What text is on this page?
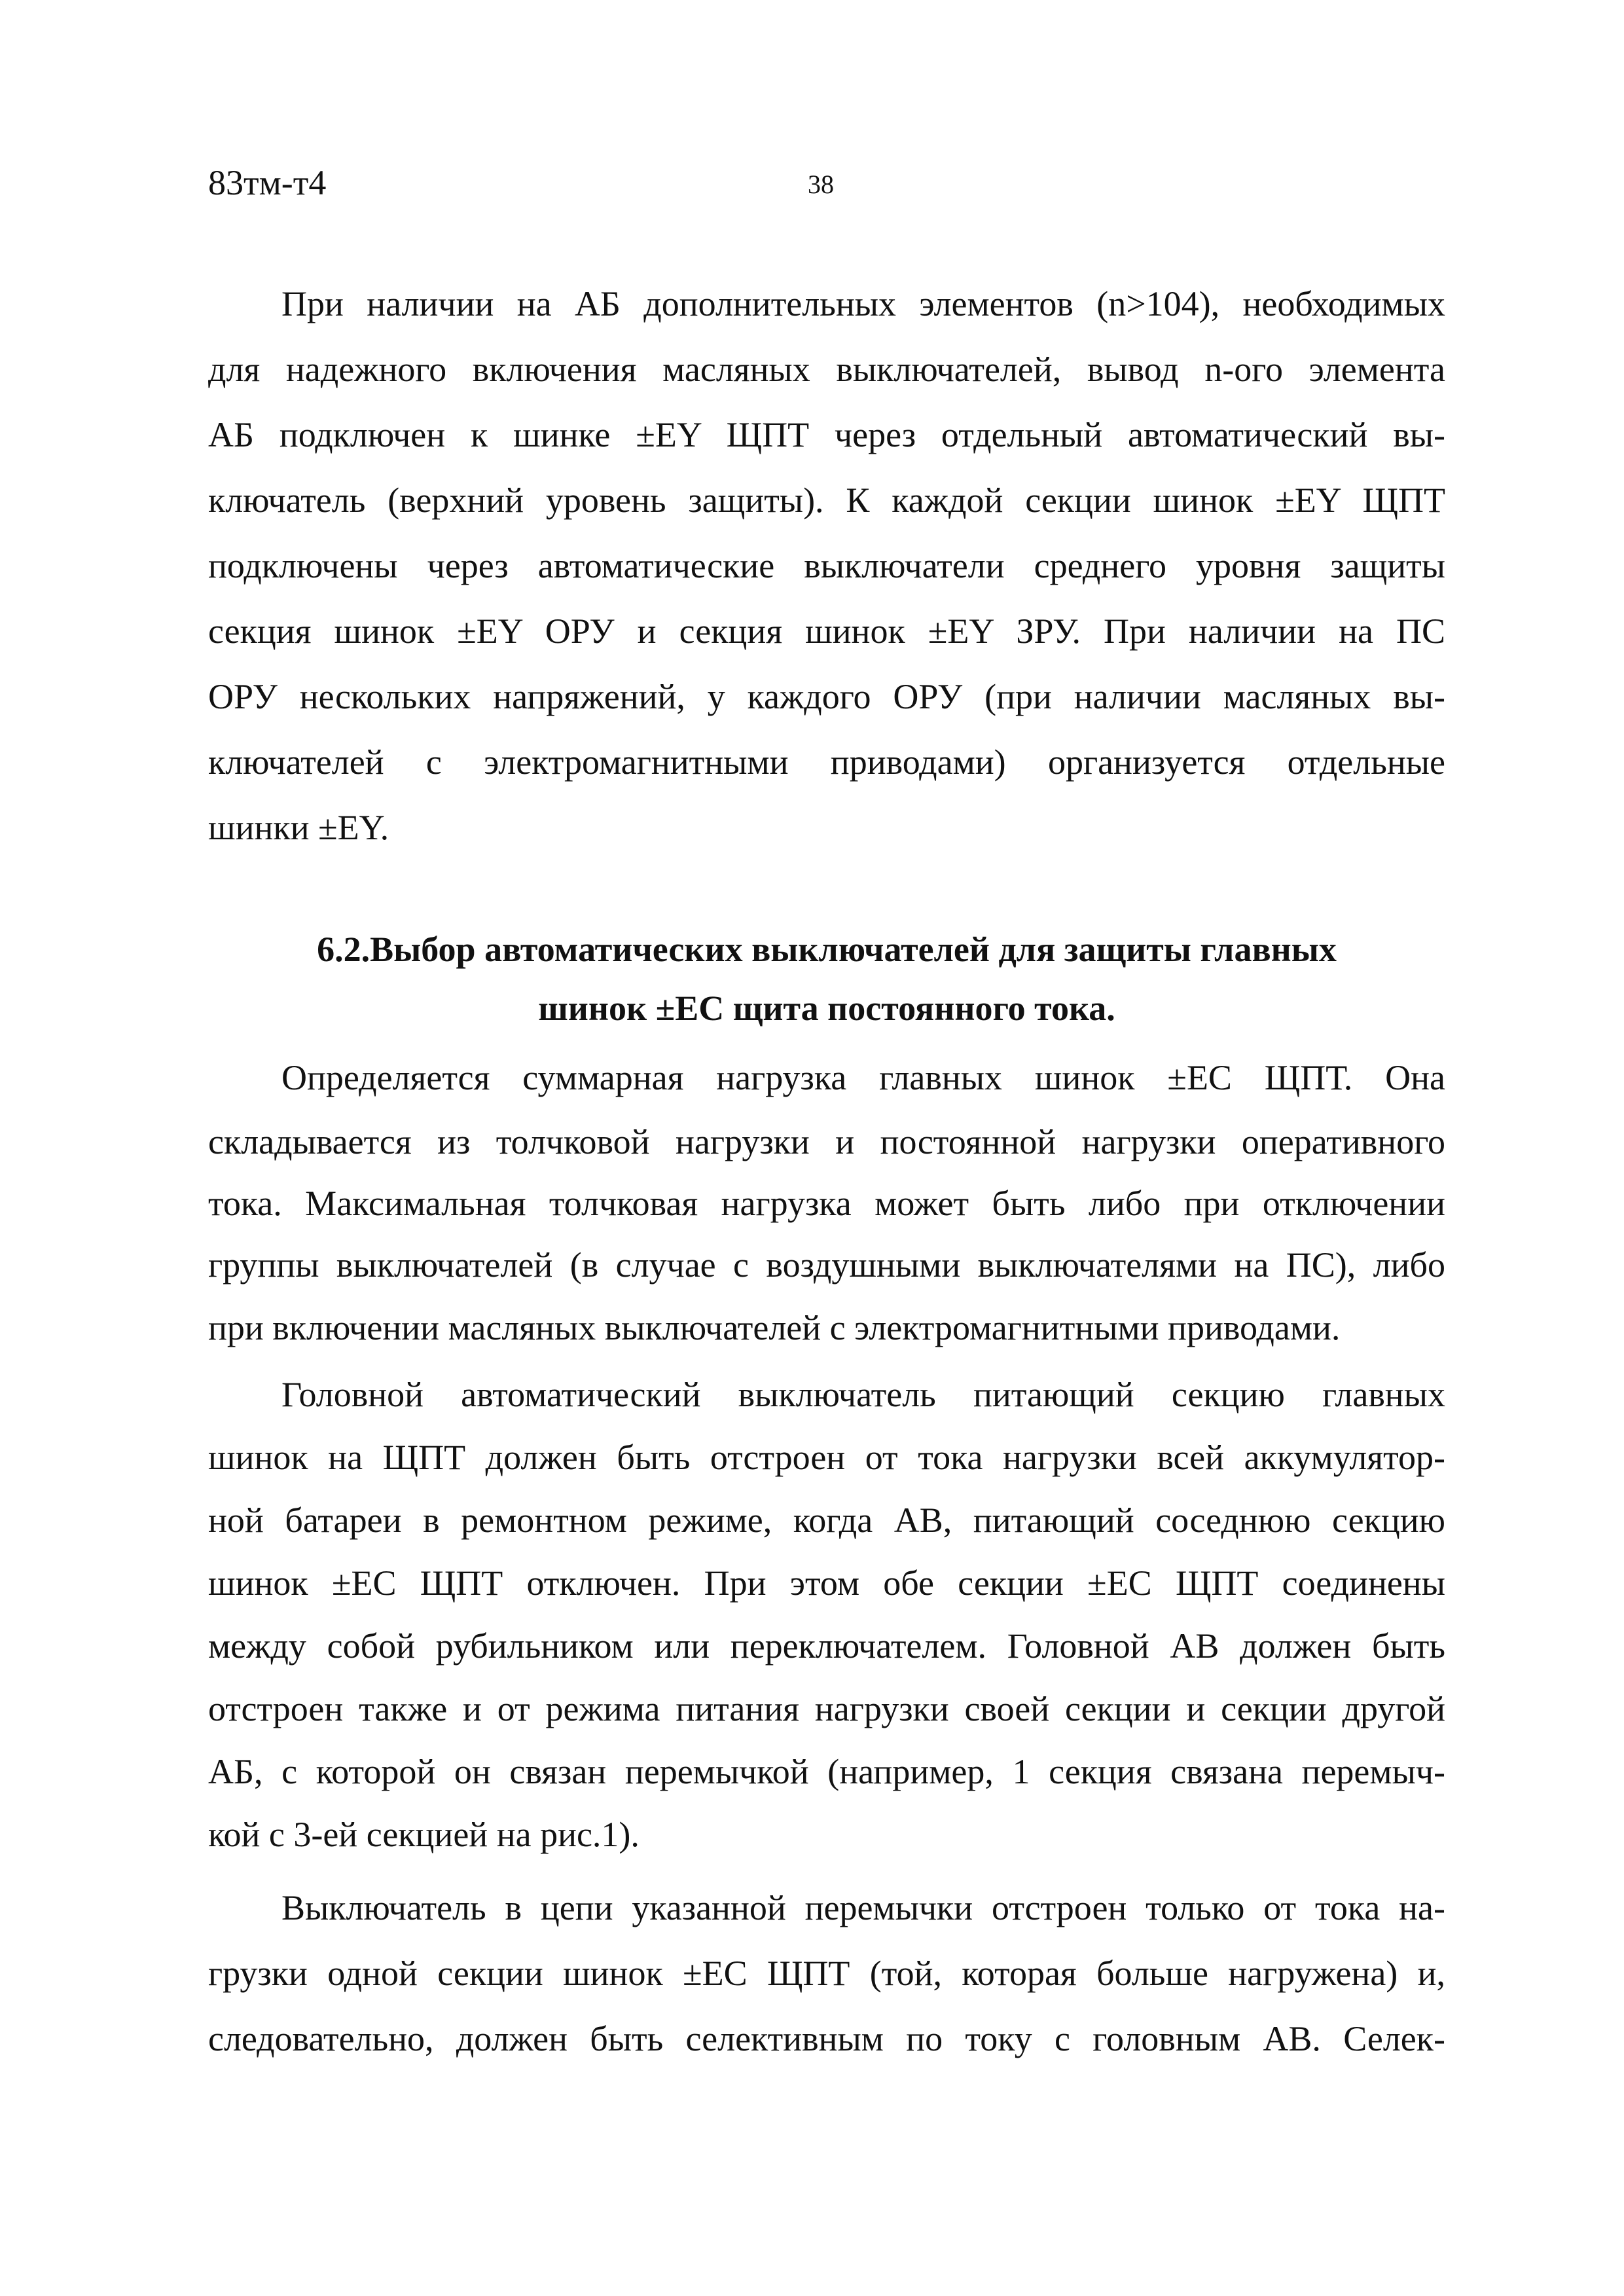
83тм-т4	38
При наличии на АБ дополнительных элементов (n>104), необходимых
для надежного включения масляных выключателей, вывод n-ого элемента
АБ подключен к шинке ±EY ЩПТ через отдельный автоматический вы-
ключатель (верхний уровень защиты). К каждой секции шинок ±EY ЩПТ
подключены через автоматические выключатели среднего уровня защиты
секция шинок ±EY ОРУ и секция шинок ±EY ЗРУ. При наличии на ПС
ОРУ нескольких напряжений, у каждого ОРУ (при наличии масляных вы-
ключателей с электромагнитными приводами) организуется отдельные
шинки ±EY.
6.2.Выбор автоматических выключателей для защиты главных
шинок ±EC щита постоянного тока.
Определяется суммарная нагрузка главных шинок ±EC ЩПТ. Она
складывается из толчковой нагрузки и постоянной нагрузки оперативного
тока. Максимальная толчковая нагрузка может быть либо при отключении
группы выключателей (в случае с воздушными выключателями на ПС), либо
при включении масляных выключателей с электромагнитными приводами.
Головной автоматический выключатель питающий секцию главных
шинок на ЩПТ должен быть отстроен от тока нагрузки всей аккумулятор-
ной батареи в ремонтном режиме, когда АВ, питающий соседнюю секцию
шинок ±EC ЩПТ отключен. При этом обе секции ±EC ЩПТ соединены
между собой рубильником или переключателем. Головной АВ должен быть
отстроен также и от режима питания нагрузки своей секции и секции другой
АБ, с которой он связан перемычкой (например, 1 секция связана перемыч-
кой с 3-ей секцией на рис.1).
Выключатель в цепи указанной перемычки отстроен только от тока на-
грузки одной секции шинок ±EC ЩПТ (той, которая больше нагружена) и,
следовательно, должен быть селективным по току с головным АВ. Селек-
